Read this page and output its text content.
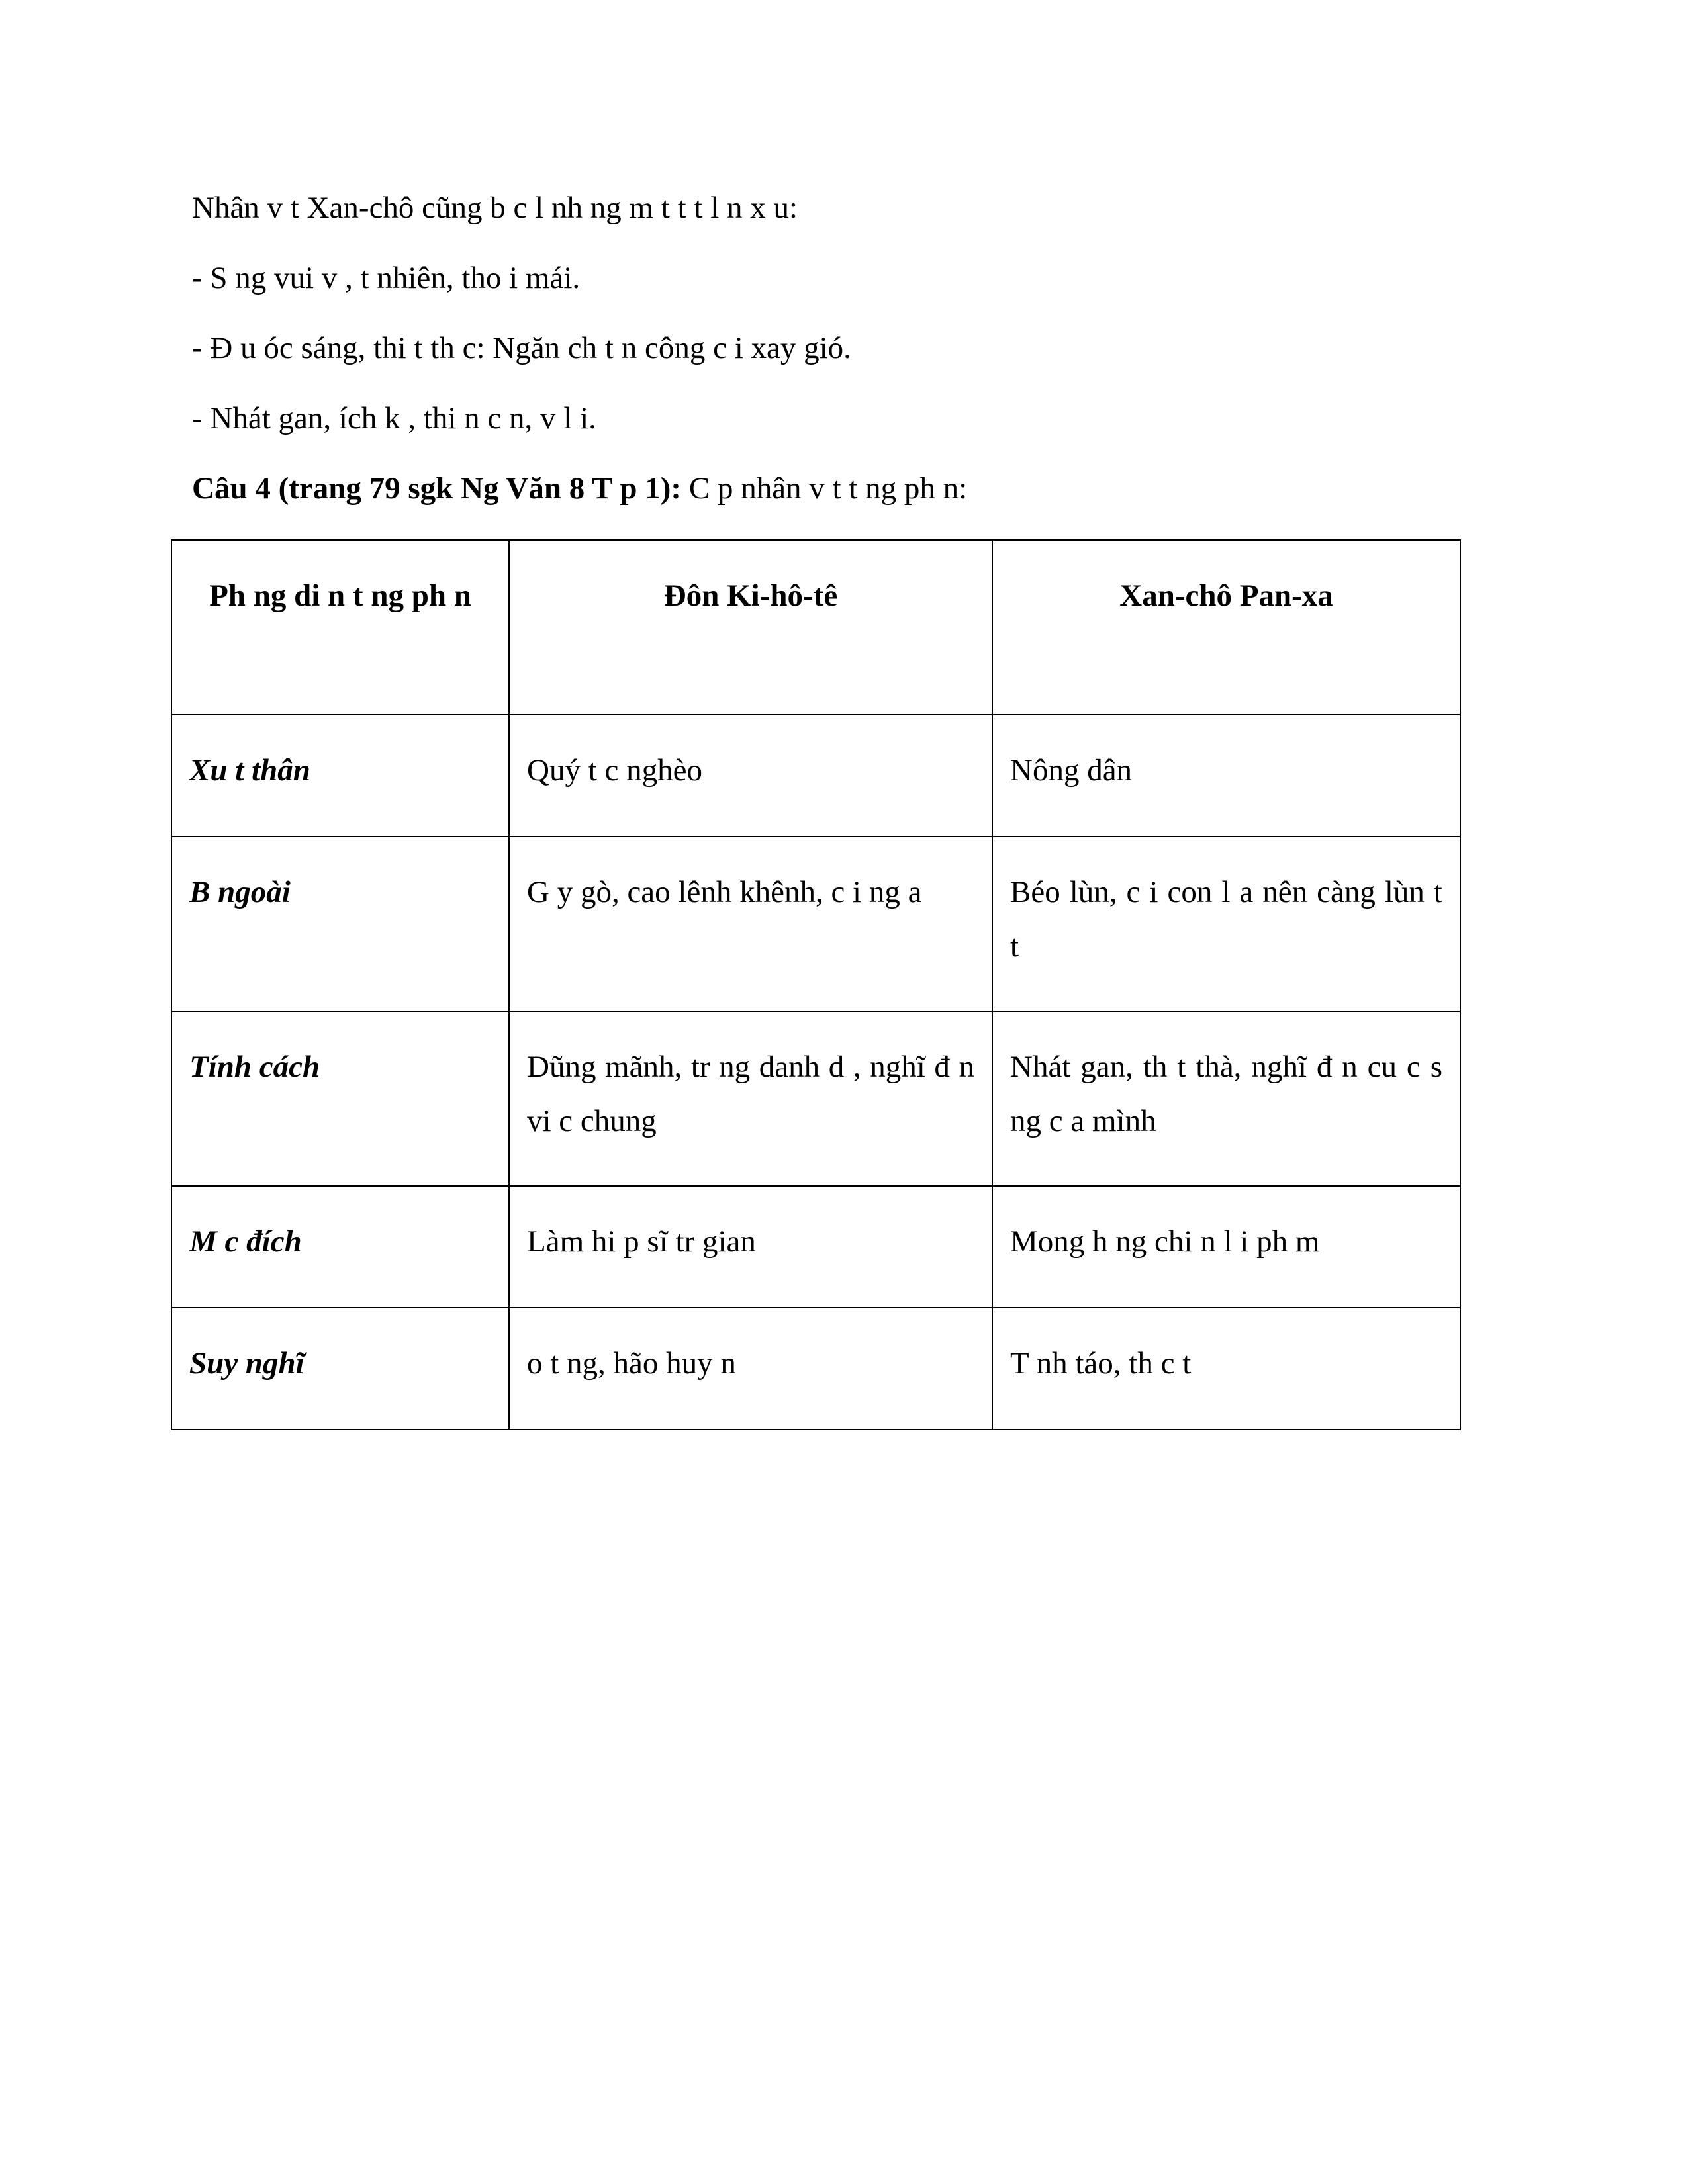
Nhân v t Xan-chô cũng b c l nh ng m t t t l n x u:
- S ng vui v , t nhiên, tho i mái.
- Đ u óc sáng, thi t th c: Ngăn ch t n công c i xay gió.
- Nhát gan, ích k , thi n c n, v l i.
Câu 4 (trang 79 sgk Ng Văn 8 T p 1): C p nhân v t t ng ph n:
Ph ng di n t ng ph n	Đôn Ki-hô-tê	Xan-chô Pan-xa
Xu t thân	Quý t c nghèo	Nông dân
B ngoài	G y gò, cao lênh khênh, c i ng a	Béo lùn, c i con l a nên càng lùn t t
Tính cách	Dũng mãnh, tr ng danh d , nghĩ đ n vi c chung	Nhát gan, th t thà, nghĩ đ n cu c s ng c a mình
M c đích	Làm hi p sĩ tr gian	Mong h ng chi n l i ph m
Suy nghĩ	o t ng, hão huy n	T nh táo, th c t
